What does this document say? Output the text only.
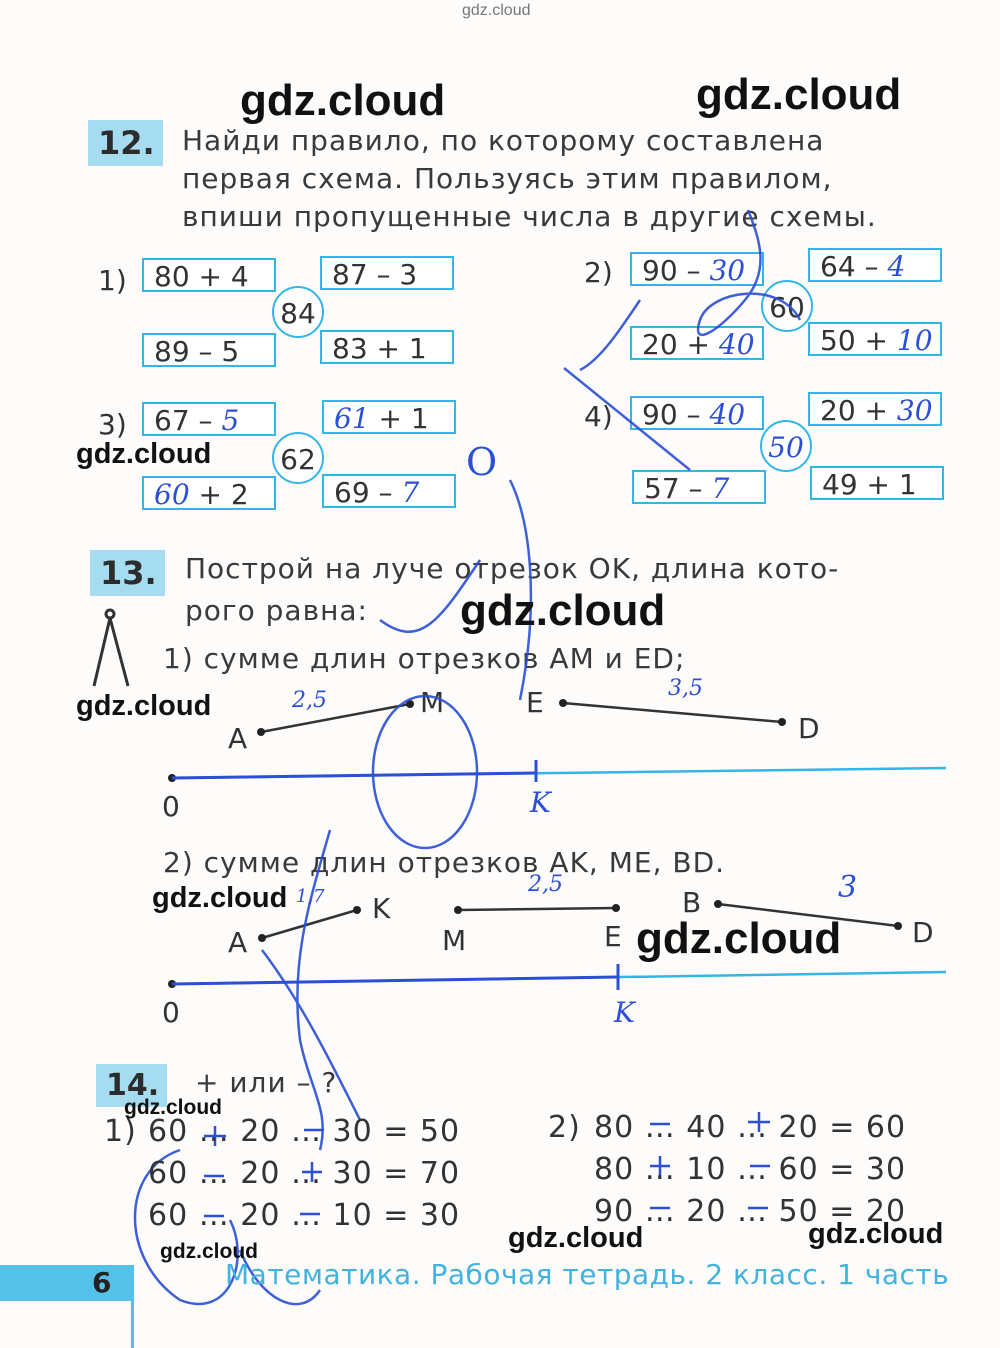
gdz.cloud
12. Найди правило, по которому составлена
первая схема. Пользуясь этим правилом,
впиши пропущенные числа в другие схемы.
1) 80 + 4	87 – 3
89 – 5	83 + 1
84
2)	90 – 30	64 – 4
20 + 40	50 + 10
60
3) 67 – 5	61 + 1
60 + 2	69 – 7
62
4)	90 – 40	20 + 30
57 – 7	49 + 1
50
13. Построй на луче отрезок OK, длина кото-
рого равна:
1) сумме длин отрезков AM и ED;
2) сумме длин отрезков AK, ME, BD.
A
M	E
D
0	K
2,5	3,5
A
K
M	E
B
D
0	K
1,7	2,5	3
O
14. + или – ?
1) 60 … 20 … 30 = 50
60 … 20 … 30 = 70
60 … 20 … 10 = 30
2) 80 … 40 … 20 = 60
80 … 10 … 60 = 30
90 … 20 … 50 = 20
6	Математика. Рабочая тетрадь. 2 класс. 1 часть
gdz.cloud	gdz.cloud
gdz.cloud
gdz.cloud
gdz.cloud
gdz.cloud
gdz.cloud
gdz.cloud
gdz.cloud	gdz.cloud	gdz.cloud
